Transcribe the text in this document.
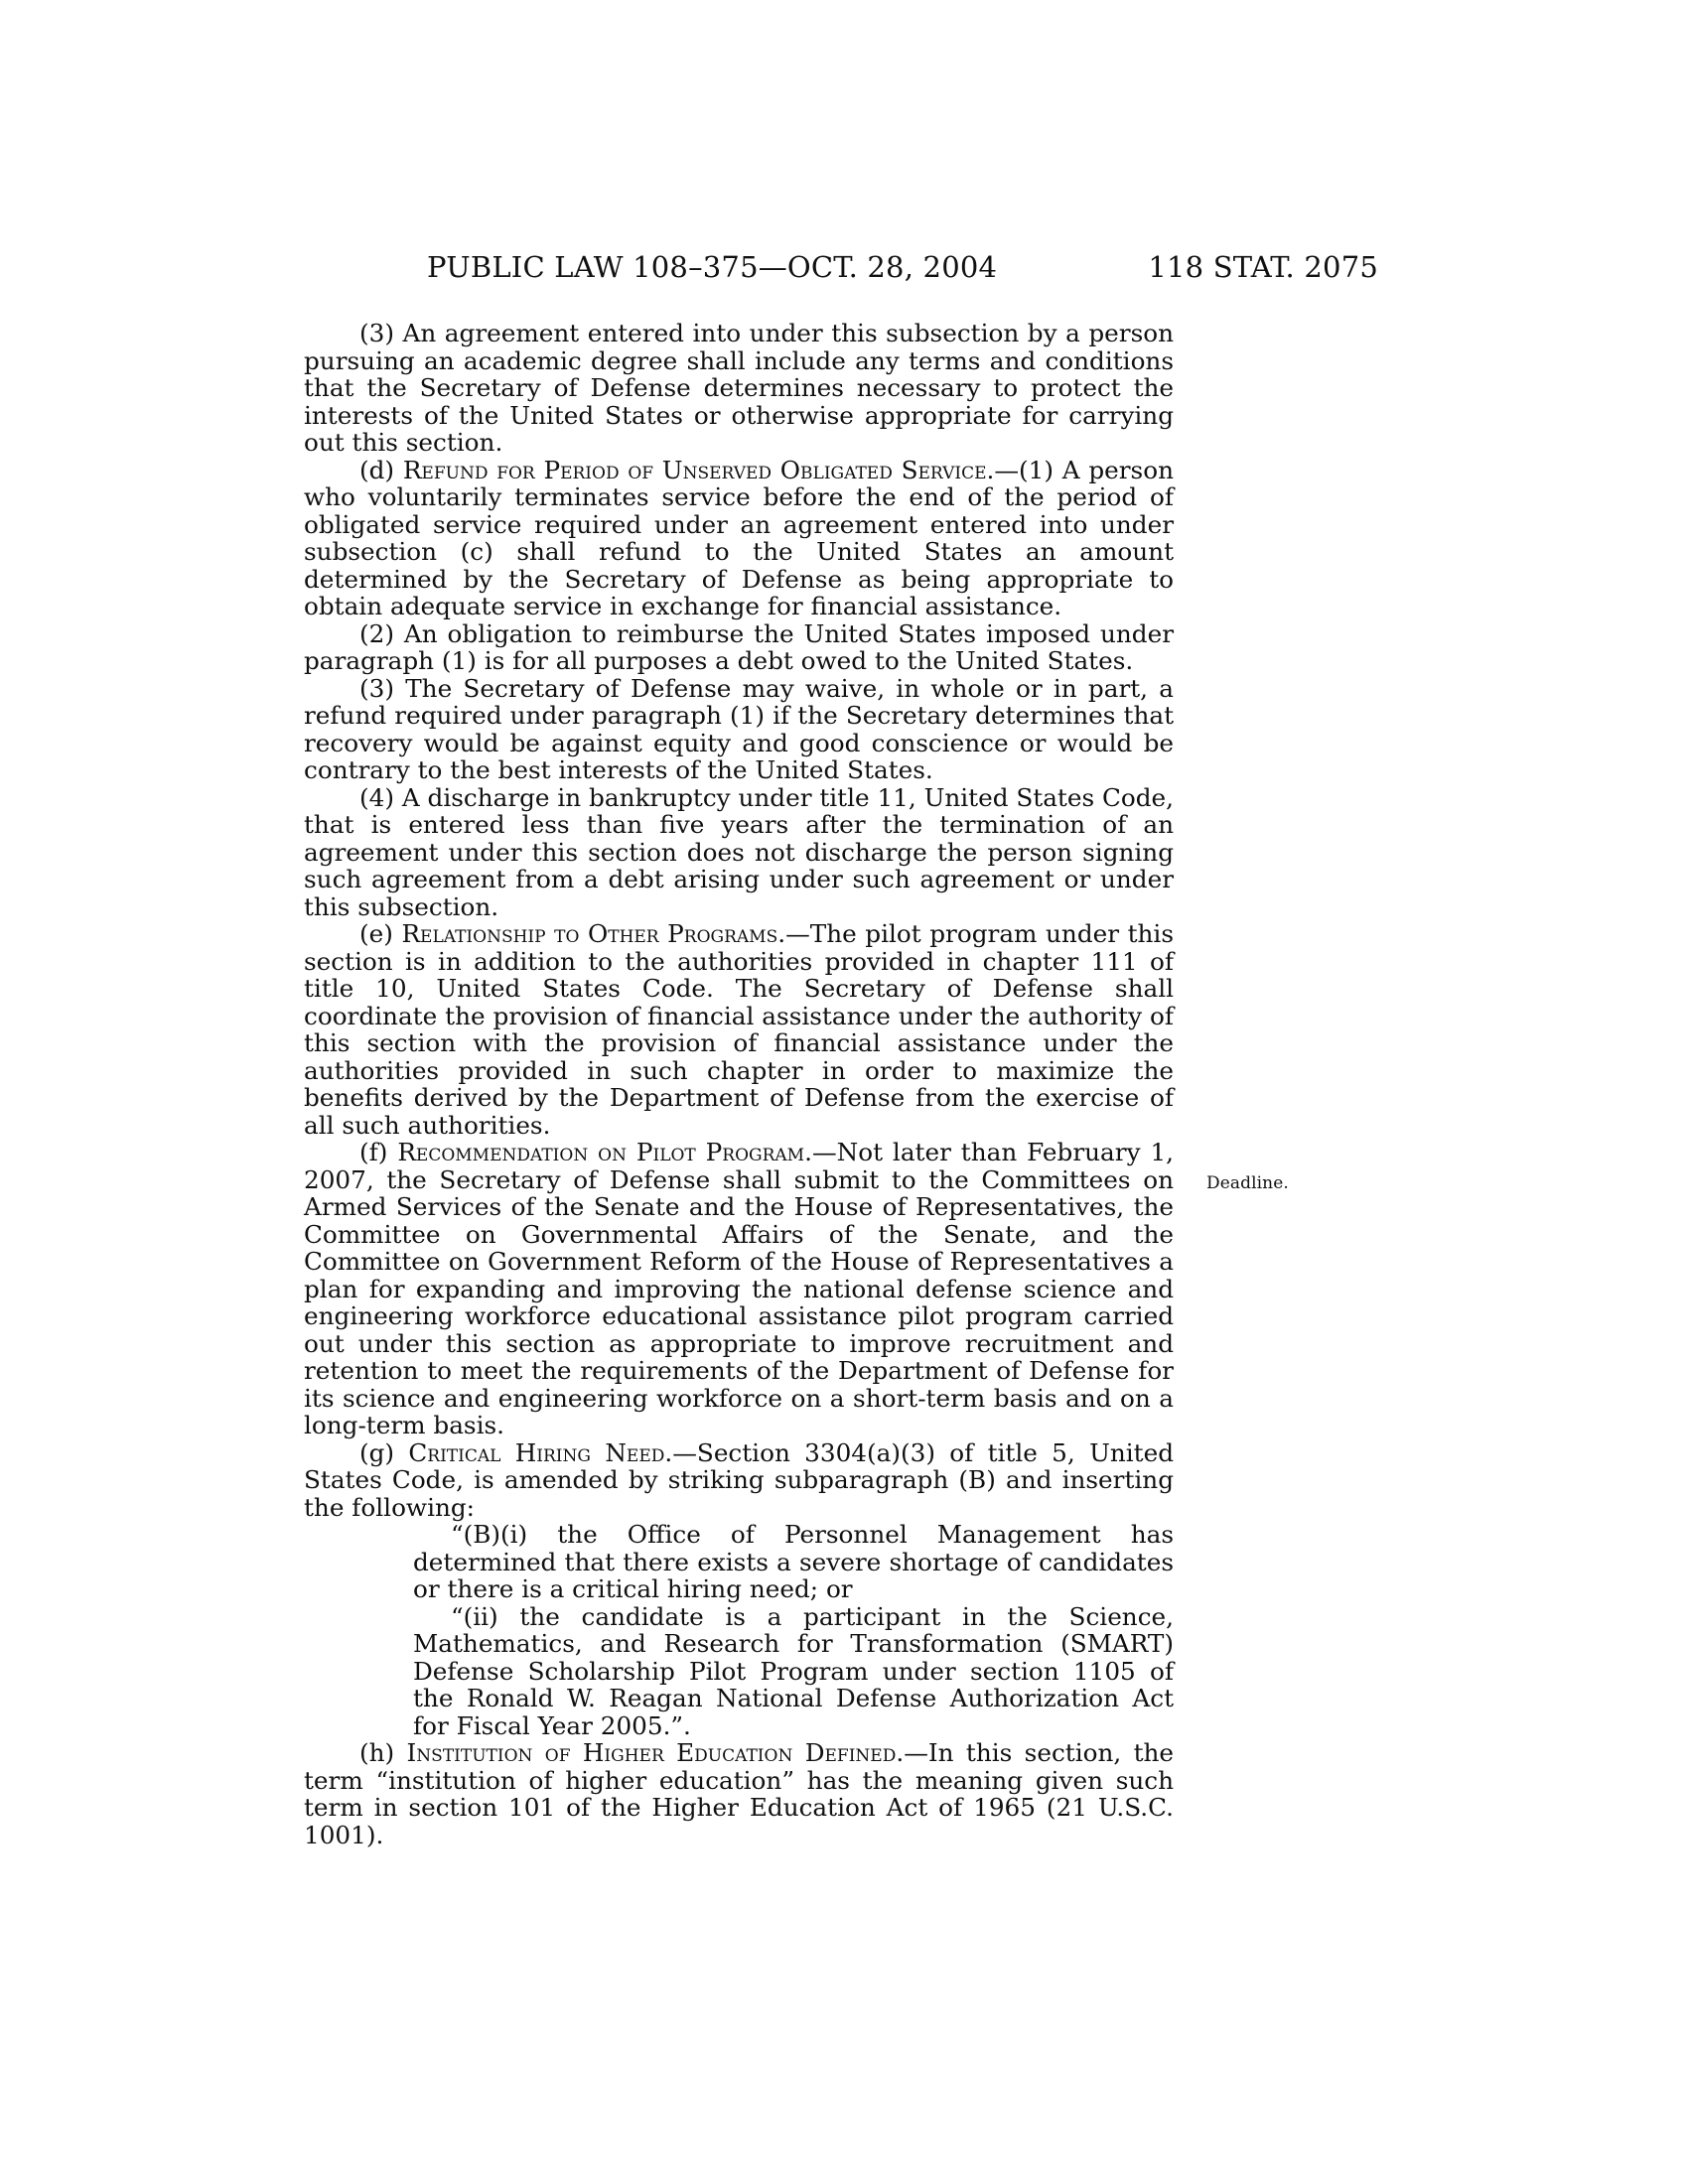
PUBLIC LAW 108–375—OCT. 28, 2004	118 STAT. 2075
Deadline.

(3) An agreement entered into under this subsection by a person pursuing an academic degree shall include any terms and conditions that the Secretary of Defense determines necessary to protect the interests of the United States or otherwise appropriate for carrying out this section.

(d) Refund for Period of Unserved Obligated Service.—(1) A person who voluntarily terminates service before the end of the period of obligated service required under an agreement entered into under subsection (c) shall refund to the United States an amount determined by the Secretary of Defense as being appropriate to obtain adequate service in exchange for financial assistance.

(2) An obligation to reimburse the United States imposed under paragraph (1) is for all purposes a debt owed to the United States.

(3) The Secretary of Defense may waive, in whole or in part, a refund required under paragraph (1) if the Secretary determines that recovery would be against equity and good conscience or would be contrary to the best interests of the United States.

(4) A discharge in bankruptcy under title 11, United States Code, that is entered less than five years after the termination of an agreement under this section does not discharge the person signing such agreement from a debt arising under such agreement or under this subsection.

(e) Relationship to Other Programs.—The pilot program under this section is in addition to the authorities provided in chapter 111 of title 10, United States Code. The Secretary of Defense shall coordinate the provision of financial assistance under the authority of this section with the provision of financial assistance under the authorities provided in such chapter in order to maximize the benefits derived by the Department of Defense from the exercise of all such authorities.

(f) Recommendation on Pilot Program.—Not later than February 1, 2007, the Secretary of Defense shall submit to the Committees on Armed Services of the Senate and the House of Representatives, the Committee on Governmental Affairs of the Senate, and the Committee on Government Reform of the House of Representatives a plan for expanding and improving the national defense science and engineering workforce educational assistance pilot program carried out under this section as appropriate to improve recruitment and retention to meet the requirements of the Department of Defense for its science and engineering workforce on a short-term basis and on a long-term basis.

(g) Critical Hiring Need.—Section 3304(a)(3) of title 5, United States Code, is amended by striking subparagraph (B) and inserting the following:

“(B)(i) the Office of Personnel Management has determined that there exists a severe shortage of candidates or there is a critical hiring need; or

“(ii) the candidate is a participant in the Science, Mathematics, and Research for Transformation (SMART) Defense Scholarship Pilot Program under section 1105 of the Ronald W. Reagan National Defense Authorization Act for Fiscal Year 2005.”.

(h) Institution of Higher Education Defined.—In this section, the term “institution of higher education” has the meaning given such term in section 101 of the Higher Education Act of 1965 (21 U.S.C. 1001).
